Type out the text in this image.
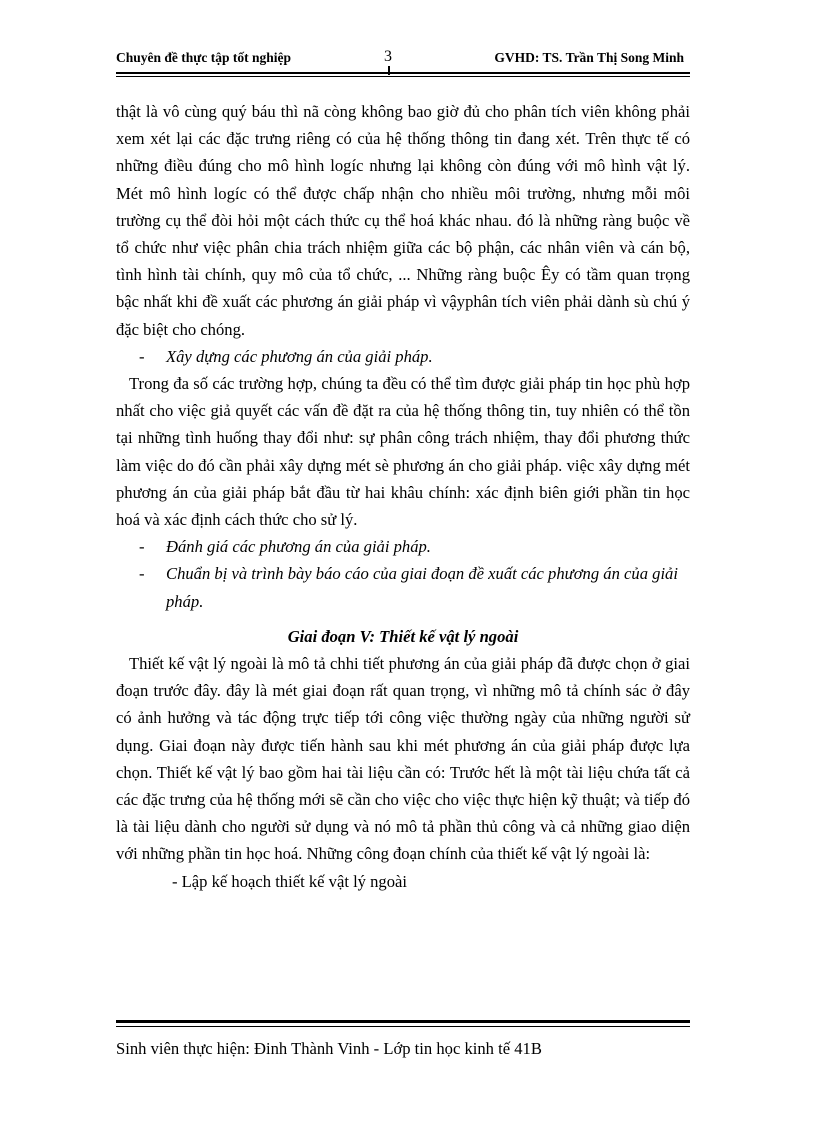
Chuyên đề thực tập tốt nghiệp	3	GVHD: TS. Trần Thị Song Minh

thật là vô cùng quý báu thì nã còng không bao giờ đủ cho phân tích viên không phải xem xét lại các đặc trưng riêng có của hệ thống thông tin đang xét. Trên thực tế có những điều đúng cho mô hình logíc nhưng lại không còn đúng với mô hình vật lý. Mét mô hình logíc có thể được chấp nhận cho nhiều môi trường, nhưng mỗi môi trường cụ thể đòi hỏi một cách thức cụ thể hoá khác nhau. đó là những ràng buộc về tổ chức như việc phân chia trách nhiệm giữa các bộ phận, các nhân viên và cán bộ, tình hình tài chính, quy mô của tổ chức, ... Những ràng buộc Êy có tầm quan trọng bậc nhất khi đề xuất các phương án giải pháp vì vậyphân tích viên phải dành sù chú ý đặc biệt cho chóng.

- Xây dựng các phương án của giải pháp.

Trong đa số các trường hợp, chúng ta đều có thể tìm được giải pháp tin học phù hợp nhất cho việc giả quyết các vấn đề đặt ra của hệ thống thông tin, tuy nhiên có thể tồn tại những tình huống thay đổi như: sự phân công trách nhiệm, thay đổi phương thức làm việc do đó cần phải xây dựng mét sè phương án cho giải pháp. việc xây dựng mét phương án của giải pháp bắt đầu từ hai khâu chính: xác định biên giới phần tin học hoá và xác định cách thức cho sử lý.

- Đánh giá các phương án của giải pháp.

- Chuẩn bị và trình bày báo cáo của giai đoạn đề xuất các phương án của giải pháp.

Giai đoạn V: Thiết kế vật lý ngoài

Thiết kế vật lý ngoài là mô tả chhi tiết phương án của giải pháp đã được chọn ở giai đoạn trước đây. đây là mét giai đoạn rất quan trọng, vì những mô tả chính sác ở đây có ảnh hưởng và tác động trực tiếp tới công việc thường ngày của những người sử dụng. Giai đoạn này được tiến hành sau khi mét phương án của giải pháp được lựa chọn. Thiết kế vật lý bao gồm hai tài liệu cần có: Trước hết là một tài liệu chứa tất cả các đặc trưng của hệ thống mới sẽ cần cho việc cho việc thực hiện kỹ thuật; và tiếp đó là tài liệu dành cho người sử dụng và nó mô tả phần thủ công và cả những giao diện với những phần tin học hoá. Những công đoạn chính của thiết kế vật lý ngoài là:

- Lập kế hoạch thiết kế vật lý ngoài

Sinh viên thực hiện: Đinh Thành Vinh - Lớp tin học kinh tế 41B
